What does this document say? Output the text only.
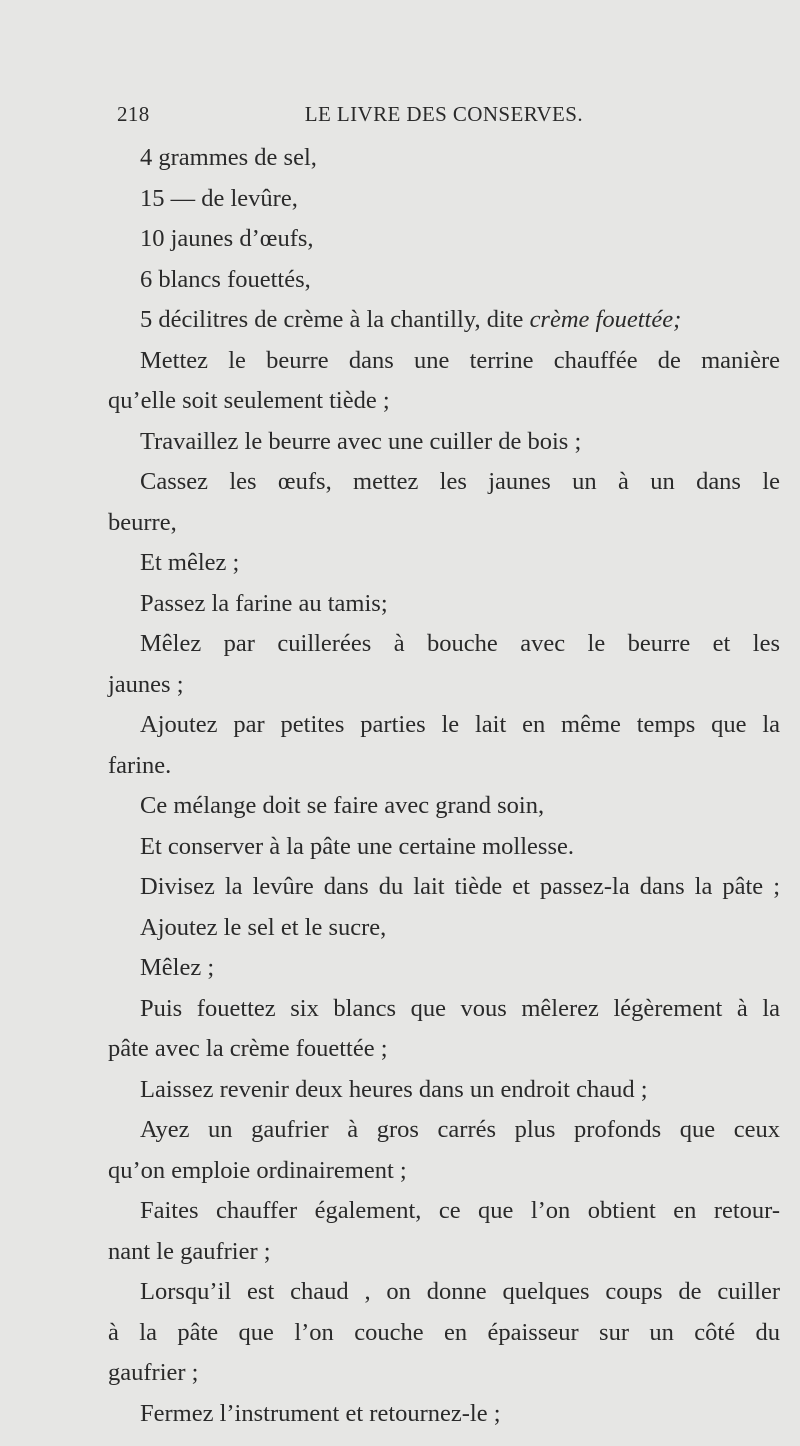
218	LE LIVRE DES CONSERVES.
4 grammes de sel,
15 — de levûre,
10 jaunes d’œufs,
6 blancs fouettés,
5 décilitres de crème à la chantilly, dite crème fouettée;
Mettez le beurre dans une terrine chauffée de manière
qu’elle soit seulement tiède ;
Travaillez le beurre avec une cuiller de bois ;
Cassez les œufs, mettez les jaunes un à un dans le
beurre,
Et mêlez ;
Passez la farine au tamis;
Mêlez par cuillerées à bouche avec le beurre et les
jaunes ;
Ajoutez par petites parties le lait en même temps que la
farine.
Ce mélange doit se faire avec grand soin,
Et conserver à la pâte une certaine mollesse.
Divisez la levûre dans du lait tiède et passez-la dans la pâte ;
Ajoutez le sel et le sucre,
Mêlez ;
Puis fouettez six blancs que vous mêlerez légèrement à la
pâte avec la crème fouettée ;
Laissez revenir deux heures dans un endroit chaud ;
Ayez un gaufrier à gros carrés plus profonds que ceux
qu’on emploie ordinairement ;
Faites chauffer également, ce que l’on obtient en retour-
nant le gaufrier ;
Lorsqu’il est chaud , on donne quelques coups de cuiller
à la pâte que l’on couche en épaisseur sur un côté du
gaufrier ;
Fermez l’instrument et retournez-le ;
